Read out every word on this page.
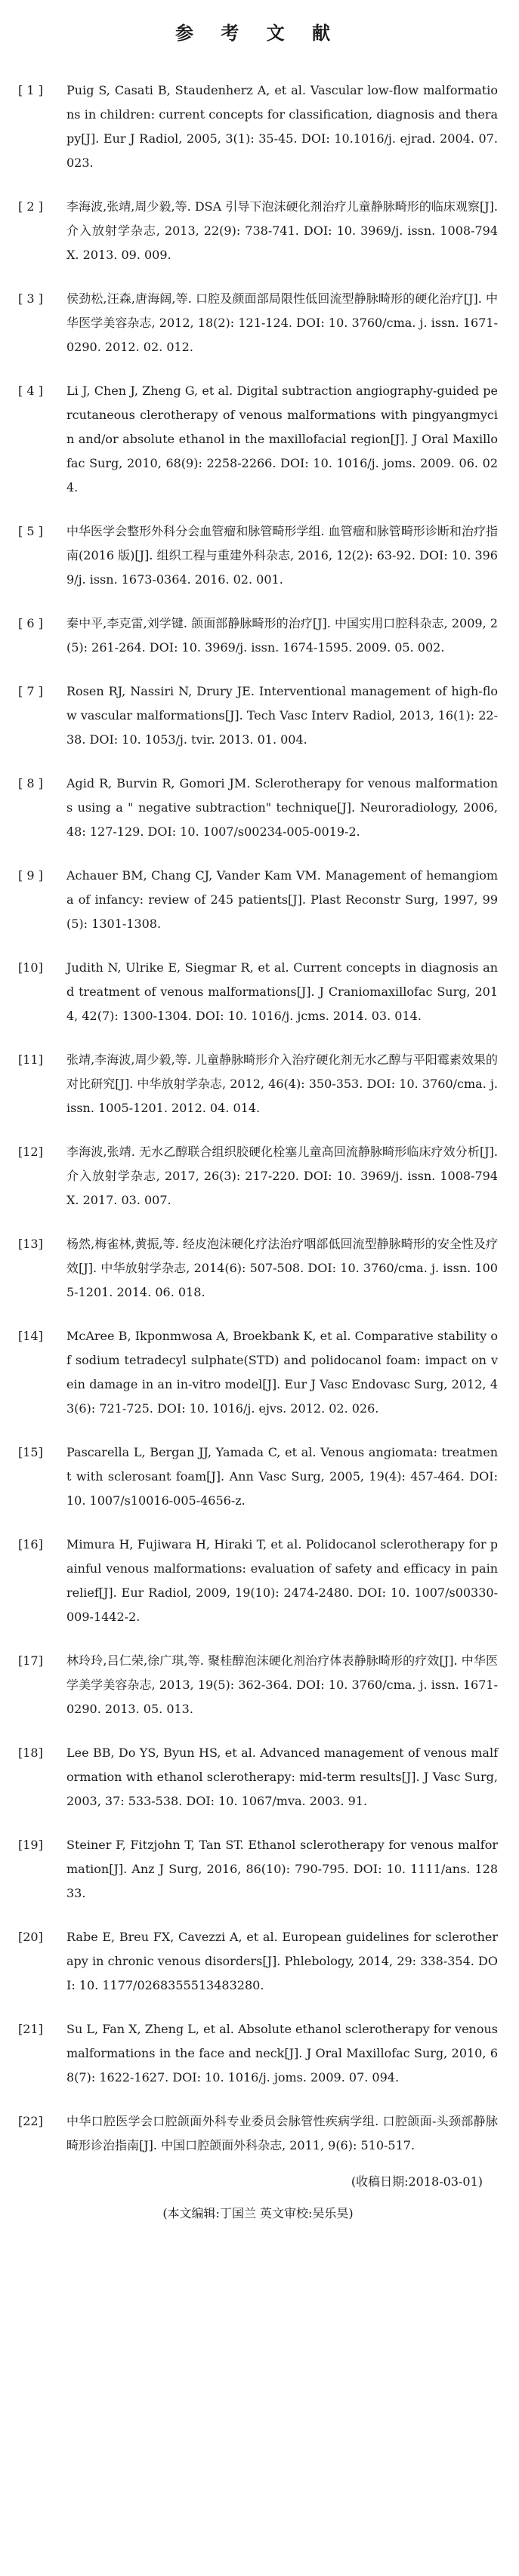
参 考 文 献
[ 1 ]	Puig S, Casati B, Staudenherz A, et al. Vascular low-flow malformations in children: current concepts for classification, diagnosis and therapy[J]. Eur J Radiol, 2005, 3(1): 35-45. DOI: 10.1016/j. ejrad. 2004. 07. 023.
[ 2 ]	李海波,张靖,周少毅,等. DSA 引导下泡沫硬化剂治疗儿童静脉畸形的临床观察[J]. 介入放射学杂志, 2013, 22(9): 738-741. DOI: 10. 3969/j. issn. 1008-794X. 2013. 09. 009.
[ 3 ]	侯劲松,汪森,唐海阔,等. 口腔及颜面部局限性低回流型静脉畸形的硬化治疗[J]. 中华医学美容杂志, 2012, 18(2): 121-124. DOI: 10. 3760/cma. j. issn. 1671-0290. 2012. 02. 012.
[ 4 ]	Li J, Chen J, Zheng G, et al. Digital subtraction angiography-guided percutaneous clerotherapy of venous malformations with pingyangmycin and/or absolute ethanol in the maxillofacial region[J]. J Oral Maxillofac Surg, 2010, 68(9): 2258-2266. DOI: 10. 1016/j. joms. 2009. 06. 024.
[ 5 ]	中华医学会整形外科分会血管瘤和脉管畸形学组. 血管瘤和脉管畸形诊断和治疗指南(2016 版)[J]. 组织工程与重建外科杂志, 2016, 12(2): 63-92. DOI: 10. 3969/j. issn. 1673-0364. 2016. 02. 001.
[ 6 ]	秦中平,李克雷,刘学键. 颌面部静脉畸形的治疗[J]. 中国实用口腔科杂志, 2009, 2(5): 261-264. DOI: 10. 3969/j. issn. 1674-1595. 2009. 05. 002.
[ 7 ]	Rosen RJ, Nassiri N, Drury JE. Interventional management of high-flow vascular malformations[J]. Tech Vasc Interv Radiol, 2013, 16(1): 22-38. DOI: 10. 1053/j. tvir. 2013. 01. 004.
[ 8 ]	Agid R, Burvin R, Gomori JM. Sclerotherapy for venous malformations using a " negative subtraction" technique[J]. Neuroradiology, 2006, 48: 127-129. DOI: 10. 1007/s00234-005-0019-2.
[ 9 ]	Achauer BM, Chang CJ, Vander Kam VM. Management of hemangioma of infancy: review of 245 patients[J]. Plast Reconstr Surg, 1997, 99(5): 1301-1308.
[10]	Judith N, Ulrike E, Siegmar R, et al. Current concepts in diagnosis and treatment of venous malformations[J]. J Craniomaxillofac Surg, 2014, 42(7): 1300-1304. DOI: 10. 1016/j. jcms. 2014. 03. 014.
[11]	张靖,李海波,周少毅,等. 儿童静脉畸形介入治疗硬化剂无水乙醇与平阳霉素效果的对比研究[J]. 中华放射学杂志, 2012, 46(4): 350-353. DOI: 10. 3760/cma. j. issn. 1005-1201. 2012. 04. 014.
[12]	李海波,张靖. 无水乙醇联合组织胶硬化栓塞儿童高回流静脉畸形临床疗效分析[J]. 介入放射学杂志, 2017, 26(3): 217-220. DOI: 10. 3969/j. issn. 1008-794X. 2017. 03. 007.
[13]	杨然,梅雀林,黄振,等. 经皮泡沫硬化疗法治疗咽部低回流型静脉畸形的安全性及疗效[J]. 中华放射学杂志, 2014(6): 507-508. DOI: 10. 3760/cma. j. issn. 1005-1201. 2014. 06. 018.
[14]	McAree B, Ikponmwosa A, Broekbank K, et al. Comparative stability of sodium tetradecyl sulphate(STD) and polidocanol foam: impact on vein damage in an in-vitro model[J]. Eur J Vasc Endovasc Surg, 2012, 43(6): 721-725. DOI: 10. 1016/j. ejvs. 2012. 02. 026.
[15]	Pascarella L, Bergan JJ, Yamada C, et al. Venous angiomata: treatment with sclerosant foam[J]. Ann Vasc Surg, 2005, 19(4): 457-464. DOI: 10. 1007/s10016-005-4656-z.
[16]	Mimura H, Fujiwara H, Hiraki T, et al. Polidocanol sclerotherapy for painful venous malformations: evaluation of safety and efficacy in pain relief[J]. Eur Radiol, 2009, 19(10): 2474-2480. DOI: 10. 1007/s00330-009-1442-2.
[17]	林玲玲,吕仁荣,徐广琪,等. 聚桂醇泡沫硬化剂治疗体表静脉畸形的疗效[J]. 中华医学美学美容杂志, 2013, 19(5): 362-364. DOI: 10. 3760/cma. j. issn. 1671-0290. 2013. 05. 013.
[18]	Lee BB, Do YS, Byun HS, et al. Advanced management of venous malformation with ethanol sclerotherapy: mid-term results[J]. J Vasc Surg, 2003, 37: 533-538. DOI: 10. 1067/mva. 2003. 91.
[19]	Steiner F, Fitzjohn T, Tan ST. Ethanol sclerotherapy for venous malformation[J]. Anz J Surg, 2016, 86(10): 790-795. DOI: 10. 1111/ans. 12833.
[20]	Rabe E, Breu FX, Cavezzi A, et al. European guidelines for sclerotherapy in chronic venous disorders[J]. Phlebology, 2014, 29: 338-354. DOI: 10. 1177/0268355513483280.
[21]	Su L, Fan X, Zheng L, et al. Absolute ethanol sclerotherapy for venous malformations in the face and neck[J]. J Oral Maxillofac Surg, 2010, 68(7): 1622-1627. DOI: 10. 1016/j. joms. 2009. 07. 094.
[22]	中华口腔医学会口腔颌面外科专业委员会脉管性疾病学组. 口腔颌面-头颈部静脉畸形诊治指南[J]. 中国口腔颌面外科杂志, 2011, 9(6): 510-517.
(收稿日期:2018-03-01)
(本文编辑:丁国兰 英文审校:吴乐昊)
